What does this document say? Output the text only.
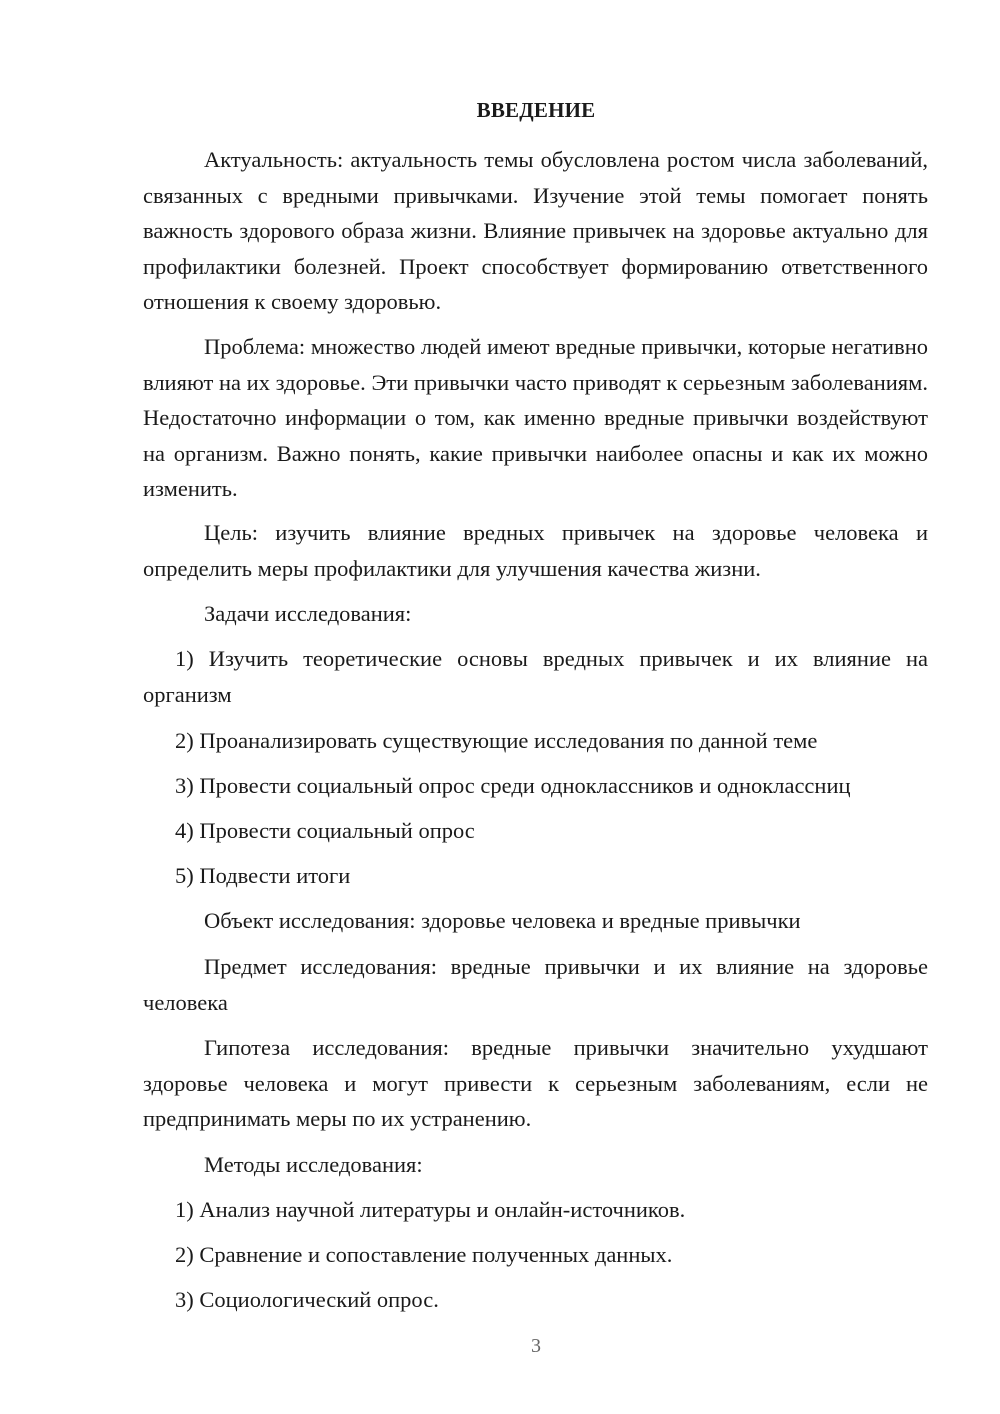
ВВЕДЕНИЕ

Актуальность: актуальность темы обусловлена ростом числа заболеваний, связанных с вредными привычками. Изучение этой темы помогает понять важность здорового образа жизни. Влияние привычек на здоровье актуально для профилактики болезней. Проект способствует формированию ответственного отношения к своему здоровью.

Проблема: множество людей имеют вредные привычки, которые негативно влияют на их здоровье. Эти привычки часто приводят к серьезным заболеваниям. Недостаточно информации о том, как именно вредные привычки воздействуют на организм. Важно понять, какие привычки наиболее опасны и как их можно изменить.

Цель: изучить влияние вредных привычек на здоровье человека и определить меры профилактики для улучшения качества жизни.

Задачи исследования:

1) Изучить теоретические основы вредных привычек и их влияние на организм

2) Проанализировать существующие исследования по данной теме

3) Провести социальный опрос среди одноклассников и одноклассниц

4) Провести социальный опрос

5) Подвести итоги

Объект исследования: здоровье человека и вредные привычки

Предмет исследования: вредные привычки и их влияние на здоровье человека

Гипотеза исследования: вредные привычки значительно ухудшают здоровье человека и могут привести к серьезным заболеваниям, если не предпринимать меры по их устранению.

Методы исследования:

1) Анализ научной литературы и онлайн-источников.

2) Сравнение и сопоставление полученных данных.

3) Социологический опрос.

3
